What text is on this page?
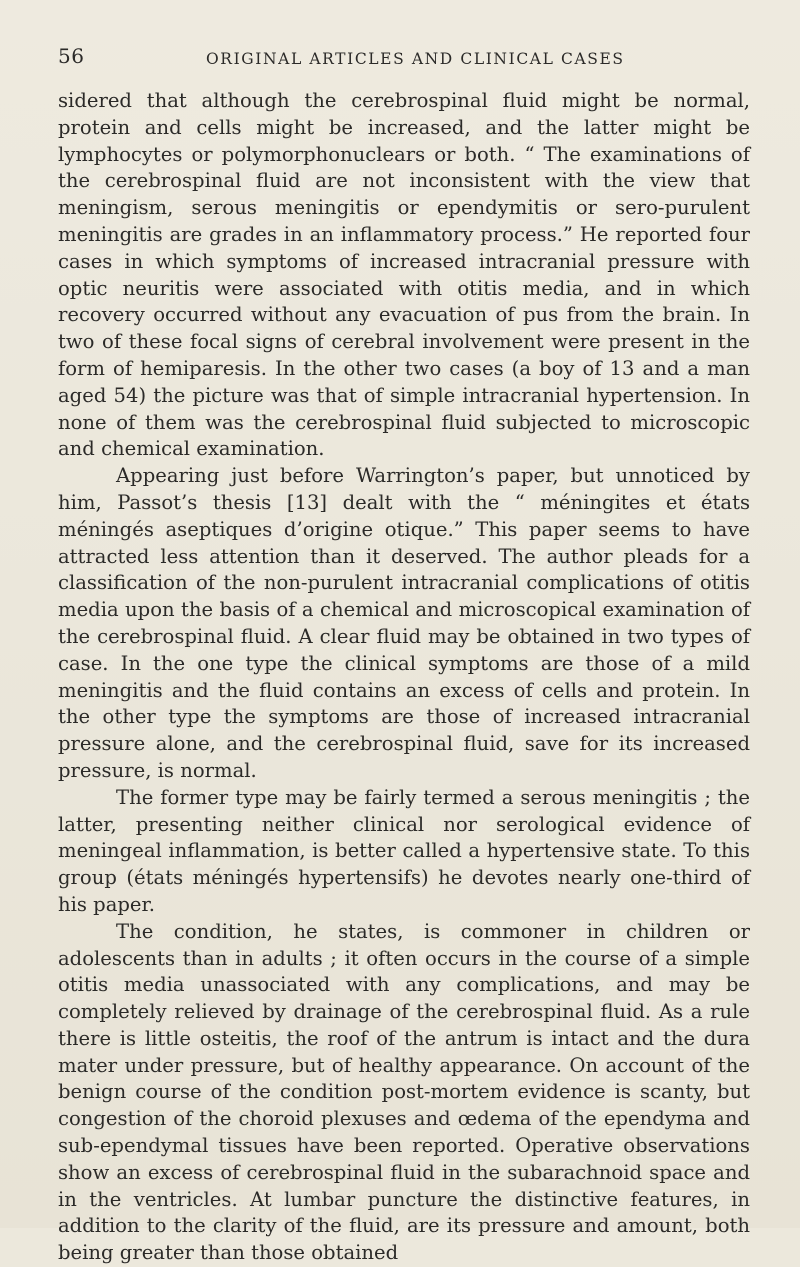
56	ORIGINAL ARTICLES AND CLINICAL CASES

sidered that although the cerebrospinal fluid might be normal, protein and cells might be increased, and the latter might be lymphocytes or polymorphonuclears or both. “ The examinations of the cerebrospinal fluid are not inconsistent with the view that meningism, serous meningitis or ependymitis or sero-purulent meningitis are grades in an inflammatory process.” He reported four cases in which symptoms of increased intracranial pressure with optic neuritis were associated with otitis media, and in which recovery occurred without any evacuation of pus from the brain. In two of these focal signs of cerebral involvement were present in the form of hemiparesis. In the other two cases (a boy of 13 and a man aged 54) the picture was that of simple intracranial hypertension. In none of them was the cerebrospinal fluid subjected to microscopic and chemical examination.

Appearing just before Warrington’s paper, but unnoticed by him, Passot’s thesis [13] dealt with the “ méningites et états méningés aseptiques d’origine otique.” This paper seems to have attracted less attention than it deserved. The author pleads for a classification of the non-purulent intracranial complications of otitis media upon the basis of a chemical and microscopical examination of the cerebrospinal fluid. A clear fluid may be obtained in two types of case. In the one type the clinical symptoms are those of a mild meningitis and the fluid contains an excess of cells and protein. In the other type the symptoms are those of increased intracranial pressure alone, and the cerebrospinal fluid, save for its increased pressure, is normal.

The former type may be fairly termed a serous meningitis ; the latter, presenting neither clinical nor serological evidence of meningeal inflammation, is better called a hypertensive state. To this group (états méningés hypertensifs) he devotes nearly one-third of his paper.

The condition, he states, is commoner in children or adolescents than in adults ; it often occurs in the course of a simple otitis media unassociated with any complications, and may be completely relieved by drainage of the cerebrospinal fluid. As a rule there is little osteitis, the roof of the antrum is intact and the dura mater under pressure, but of healthy appearance. On account of the benign course of the condition post-mortem evidence is scanty, but congestion of the choroid plexuses and œdema of the ependyma and sub-ependymal tissues have been reported. Operative observations show an excess of cerebrospinal fluid in the subarachnoid space and in the ventricles. At lumbar puncture the distinctive features, in addition to the clarity of the fluid, are its pressure and amount, both being greater than those obtained
